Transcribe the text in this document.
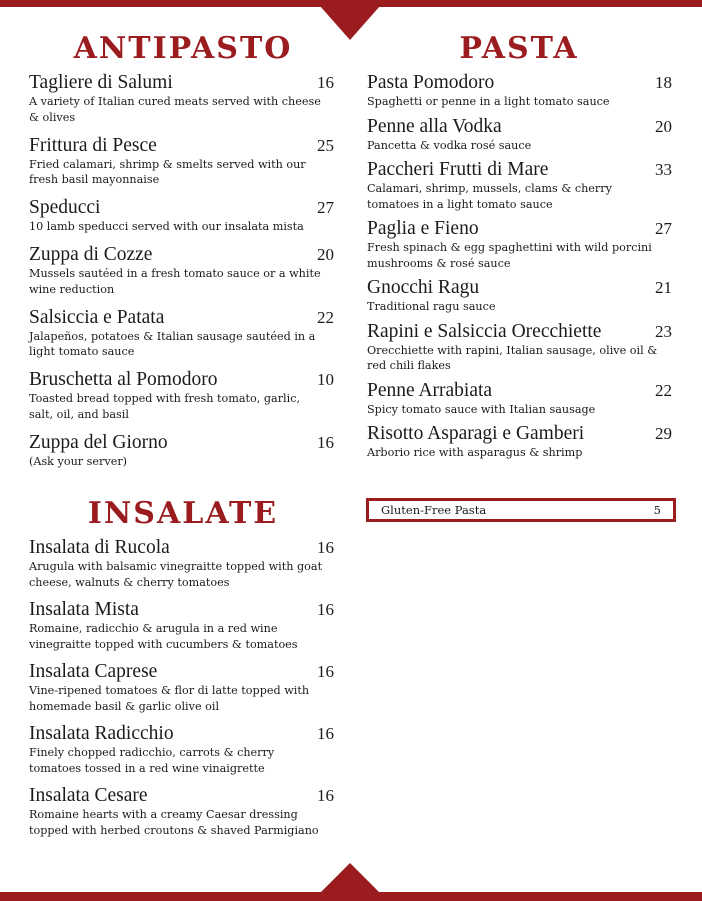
ANTIPASTO	PASTA
INSALATE
Tagliere di Salumi	16
A variety of Italian cured meats served with cheese & olives
Frittura di Pesce	25
Fried calamari, shrimp & smelts served with our fresh basil mayonnaise
Speducci	27
10 lamb speducci served with our insalata mista
Zuppa di Cozze	20
Mussels sautéed in a fresh tomato sauce or a white wine reduction
Salsiccia e Patata	22
Jalapeños, potatoes & Italian sausage sautéed in a light tomato sauce
Bruschetta al Pomodoro	10
Toasted bread topped with fresh tomato, garlic, salt, oil, and basil
Zuppa del Giorno	16
(Ask your server)
Pasta Pomodoro	18
Spaghetti or penne in a light tomato sauce
Penne alla Vodka	20
Pancetta & vodka rosé sauce
Paccheri Frutti di Mare	33
Calamari, shrimp, mussels, clams & cherry tomatoes in a light tomato sauce
Paglia e Fieno	27
Fresh spinach & egg spaghettini with wild porcini mushrooms & rosé sauce
Gnocchi Ragu	21
Traditional ragu sauce
Rapini e Salsiccia Orecchiette	23
Orecchiette with rapini, Italian sausage, olive oil & red chili flakes
Penne Arrabiata	22
Spicy tomato sauce with Italian sausage
Risotto Asparagi e Gamberi	29
Arborio rice with asparagus & shrimp
Insalata di Rucola	16
Arugula with balsamic vinegraitte topped with goat cheese, walnuts & cherry tomatoes
Insalata Mista	16
Romaine, radicchio & arugula in a red wine vinegraitte topped with cucumbers & tomatoes
Insalata Caprese	16
Vine-ripened tomatoes & flor di latte topped with homemade basil & garlic olive oil
Insalata Radicchio	16
Finely chopped radicchio, carrots & cherry tomatoes tossed in a red wine vinaigrette
Insalata Cesare	16
Romaine hearts with a creamy Caesar dressing topped with herbed croutons & shaved Parmigiano
Gluten-Free Pasta	5
